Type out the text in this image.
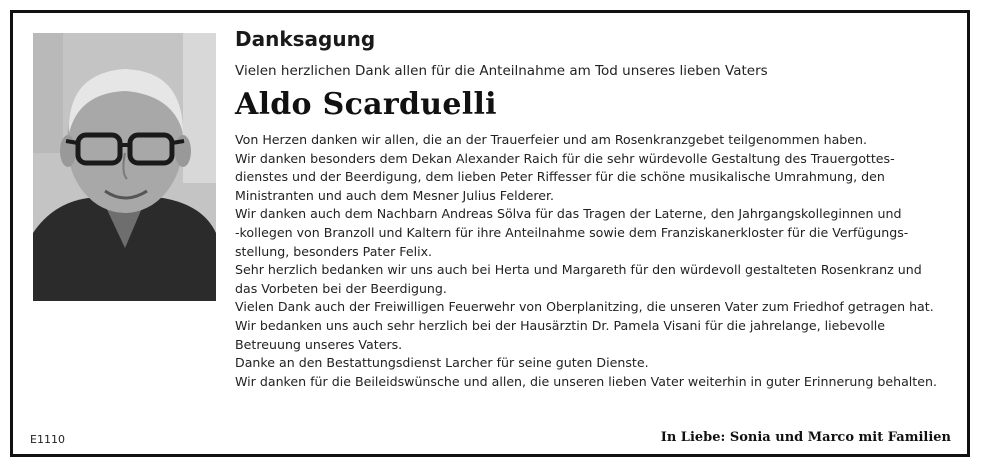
E1110
Danksagung
Vielen herzlichen Dank allen für die Anteilnahme am Tod unseres lieben Vaters
Aldo Scarduelli

Von Herzen danken wir allen, die an der Trauerfeier und am Rosenkranzgebet teilgenommen haben.

Wir danken besonders dem Dekan Alexander Raich für die sehr würdevolle Gestaltung des Trauergottes-

dienstes und der Beerdigung, dem lieben Peter Riffesser für die schöne musikalische Umrahmung, den

Ministranten und auch dem Mesner Julius Felderer.

Wir danken auch dem Nachbarn Andreas Sölva für das Tragen der Laterne, den Jahrgangskolleginnen und

-kollegen von Branzoll und Kaltern für ihre Anteilnahme sowie dem Franziskanerkloster für die Verfügungs-

stellung, besonders Pater Felix.

Sehr herzlich bedanken wir uns auch bei Herta und Margareth für den würdevoll gestalteten Rosenkranz und

das Vorbeten bei der Beerdigung.

Vielen Dank auch der Freiwilligen Feuerwehr von Oberplanitzing, die unseren Vater zum Friedhof getragen hat.

Wir bedanken uns auch sehr herzlich bei der Hausärztin Dr. Pamela Visani für die jahrelange, liebevolle

Betreuung unseres Vaters.

Danke an den Bestattungsdienst Larcher für seine guten Dienste.

Wir danken für die Beileidswünsche und allen, die unseren lieben Vater weiterhin in guter Erinnerung behalten.

In Liebe: Sonia und Marco mit Familien
